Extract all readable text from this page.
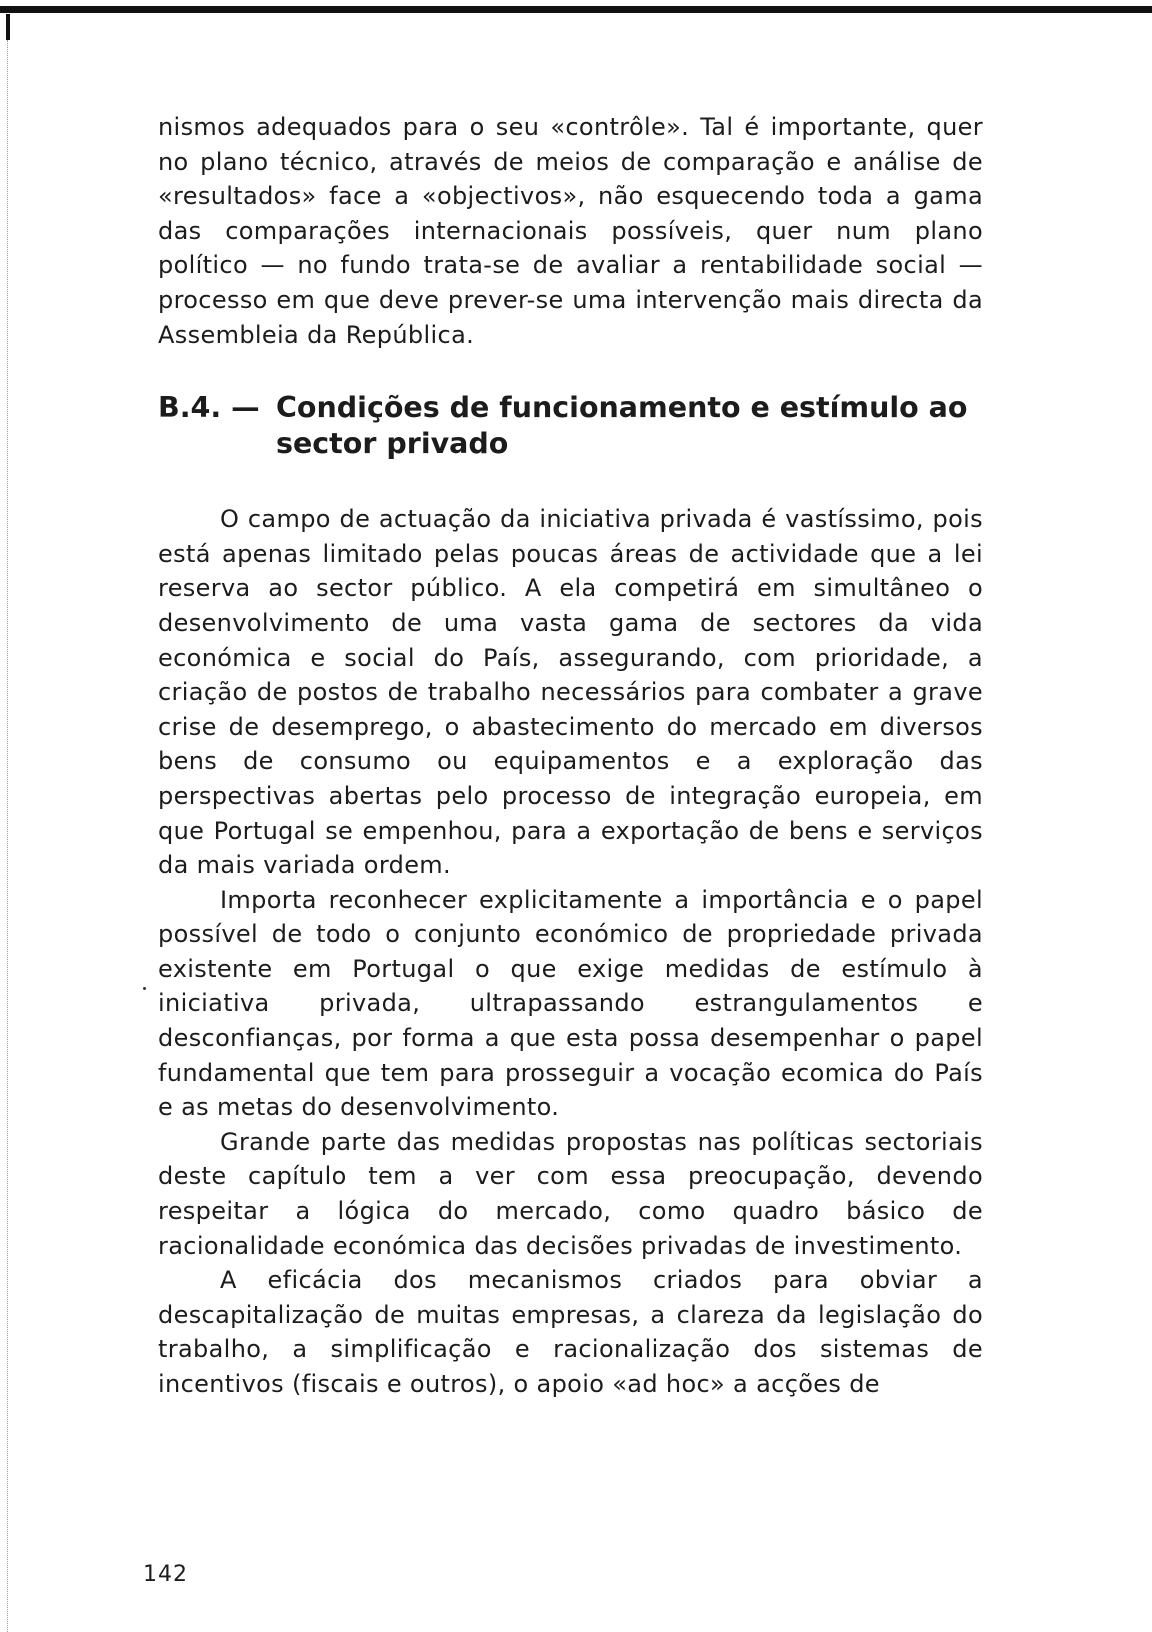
nismos adequados para o seu «contrôle». Tal é importante, quer no plano técnico, através de meios de comparação e análise de «resultados» face a «objectivos», não esquecendo toda a gama das comparações internacionais possíveis, quer num plano político — no fundo trata-se de avaliar a rentabilidade social — processo em que deve prever-se uma intervenção mais directa da Assembleia da República.

B.4. — Condições de funcionamento e estímulo ao sector privado

O campo de actuação da iniciativa privada é vastíssimo, pois está apenas limitado pelas poucas áreas de actividade que a lei reserva ao sector público. A ela competirá em simultâneo o desenvolvimento de uma vasta gama de sectores da vida económica e social do País, assegurando, com prioridade, a criação de postos de trabalho necessários para combater a grave crise de desemprego, o abastecimento do mercado em diversos bens de consumo ou equipamentos e a exploração das perspectivas abertas pelo processo de integração europeia, em que Portugal se empenhou, para a exportação de bens e serviços da mais variada ordem.

Importa reconhecer explicitamente a importância e o papel possível de todo o conjunto económico de propriedade privada existente em Portugal o que exige medidas de estímulo à iniciativa privada, ultrapassando estrangulamentos e desconfianças, por forma a que esta possa desempenhar o papel fundamental que tem para prosseguir a vocação ecomica do País e as metas do desenvolvimento.

Grande parte das medidas propostas nas políticas sectoriais deste capítulo tem a ver com essa preocupação, devendo respeitar a lógica do mercado, como quadro básico de racionalidade económica das decisões privadas de investimento.

A eficácia dos mecanismos criados para obviar a descapitalização de muitas empresas, a clareza da legislação do trabalho, a simplificação e racionalização dos sistemas de incentivos (fiscais e outros), o apoio «ad hoc» a acções de

142
